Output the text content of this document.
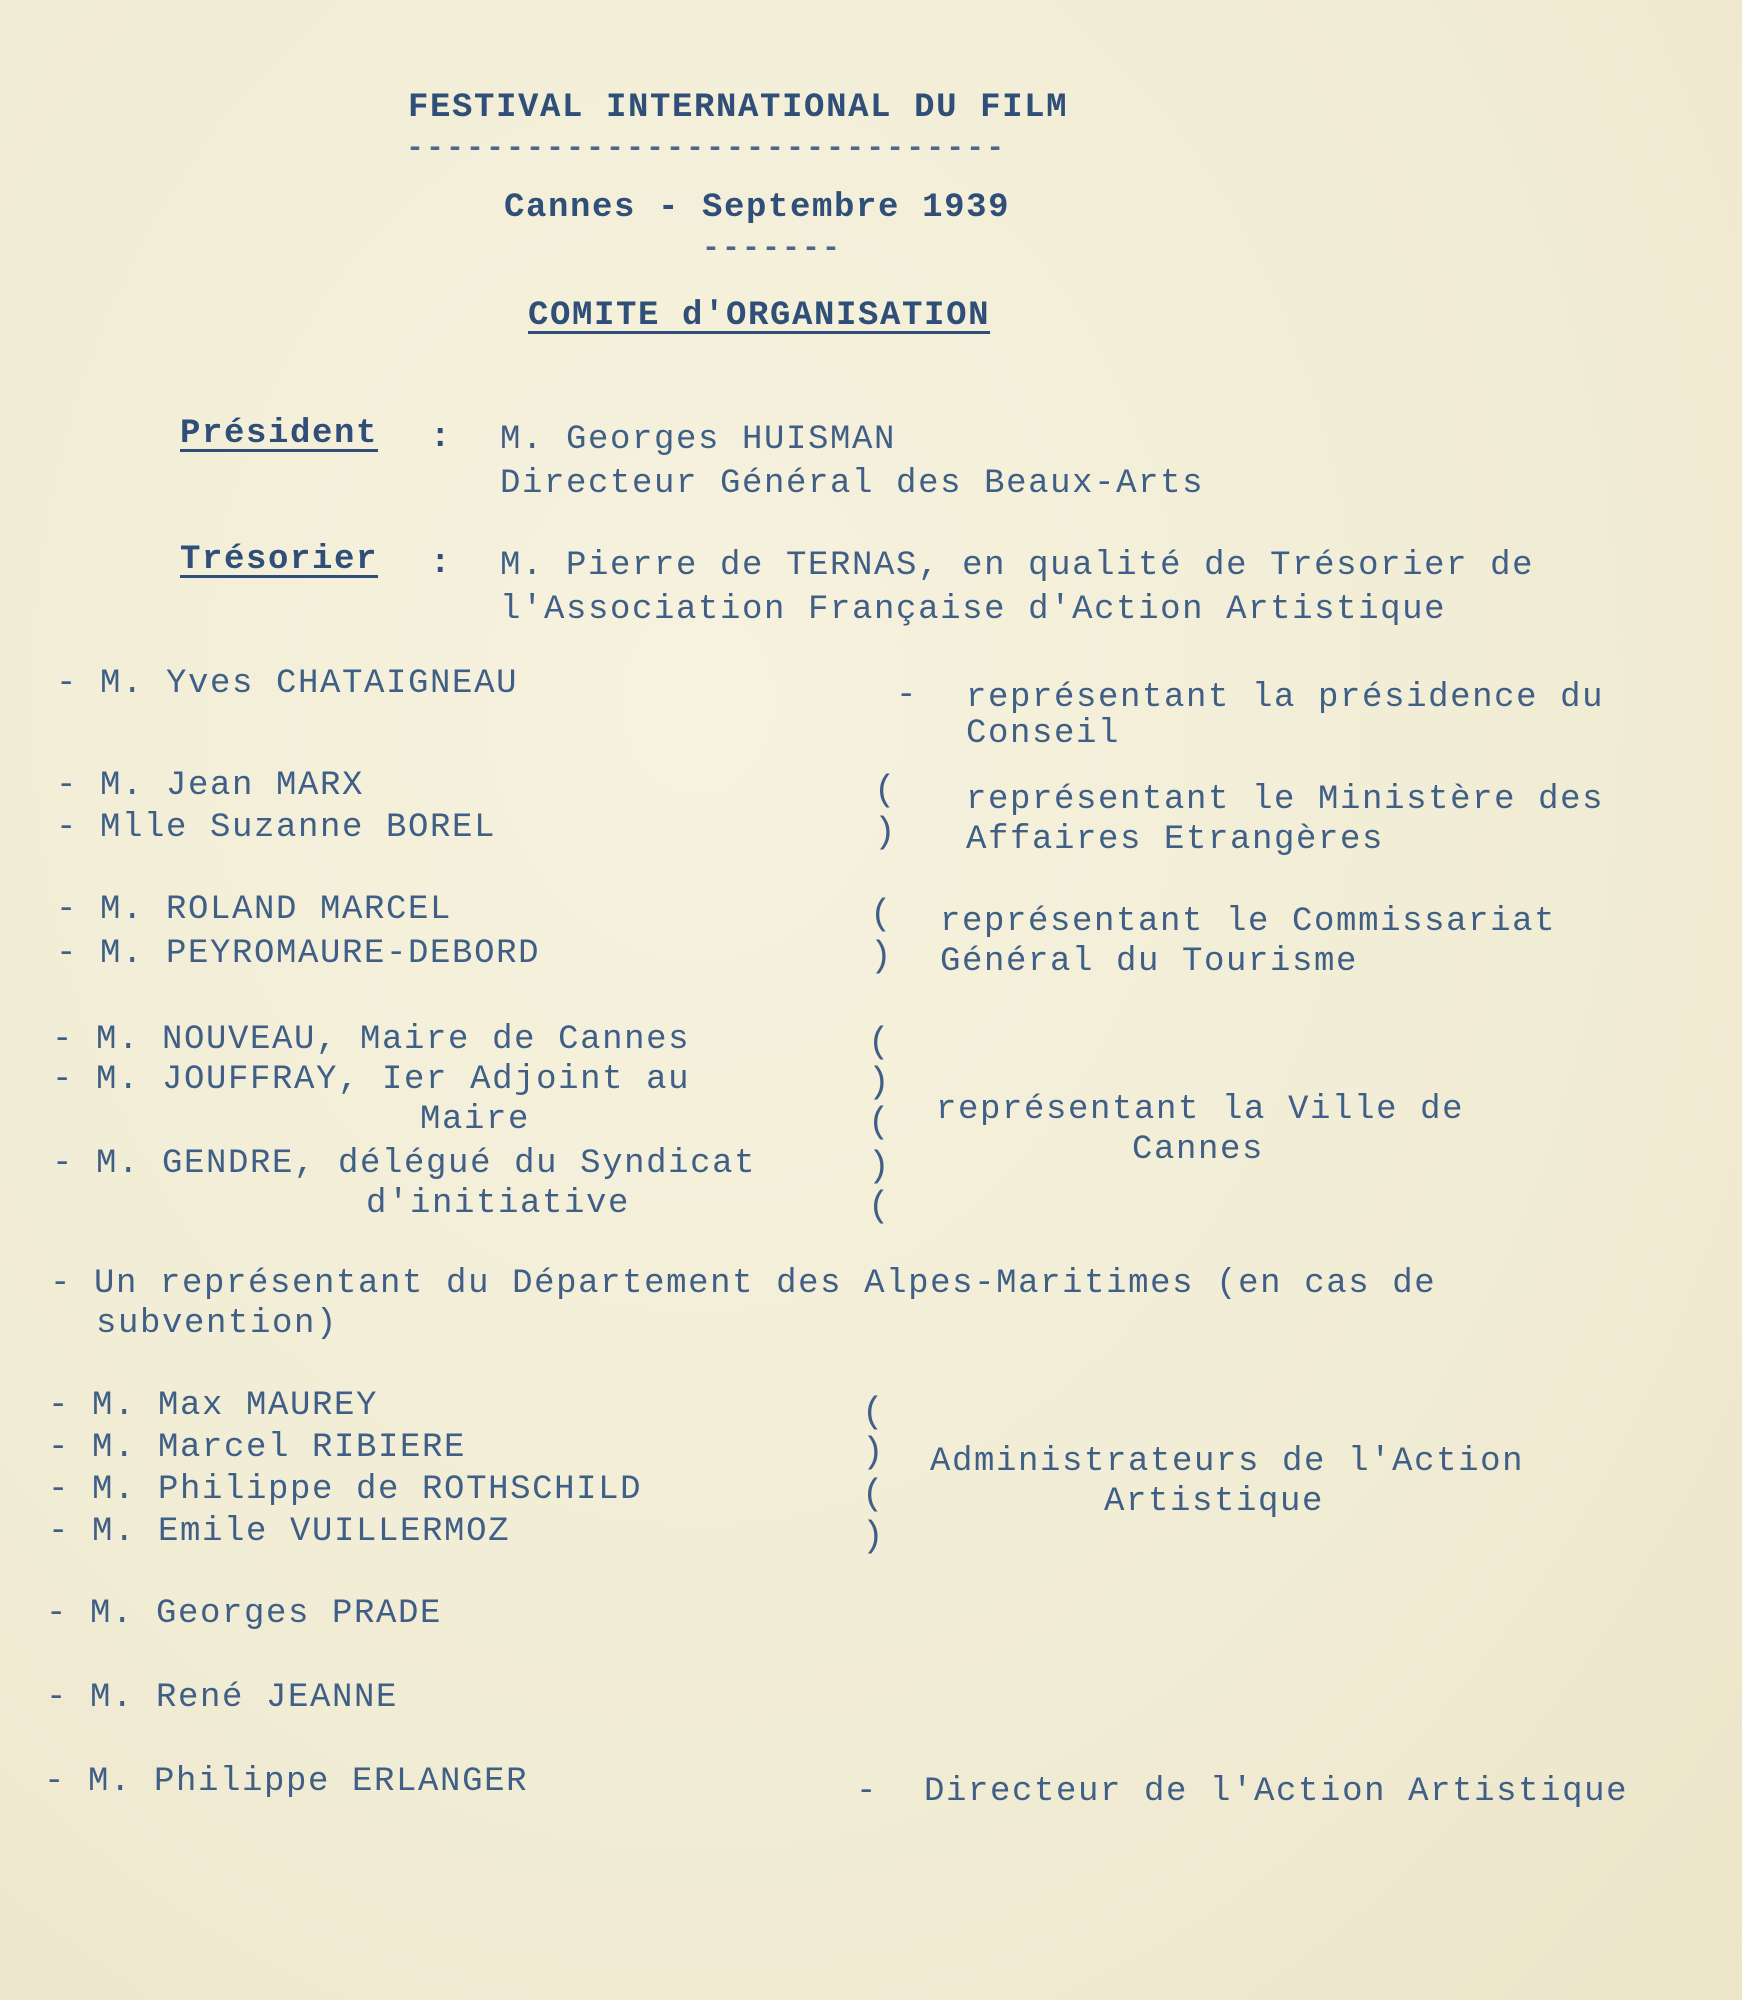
FESTIVAL INTERNATIONAL DU FILM
------------------------------
Cannes - Septembre 1939
-------
COMITE d'ORGANISATION
Président : M. Georges HUISMAN
Directeur Général des Beaux-Arts
Trésorier : M. Pierre de TERNAS, en qualité de Trésorier de
l'Association Française d'Action Artistique
- M. Yves CHATAIGNEAU	- représentant la présidence du
Conseil
- M. Jean MARX
- Mlle Suzanne BOREL
(
)
représentant le Ministère des
Affaires Etrangères
- M. ROLAND MARCEL
- M. PEYROMAURE-DEBORD
(
)
représentant le Commissariat
Général du Tourisme
- M. NOUVEAU, Maire de Cannes
- M. JOUFFRAY, Ier Adjoint au
Maire
- M. GENDRE, délégué du Syndicat
d'initiative
(
)
(
)
(
représentant la Ville de
Cannes
- Un représentant du Département des Alpes-Maritimes (en cas de
subvention)
- M. Max MAUREY
- M. Marcel RIBIERE
- M. Philippe de ROTHSCHILD
- M. Emile VUILLERMOZ
(
)
(
)
Administrateurs de l'Action
Artistique
- M. Georges PRADE
- M. René JEANNE
- M. Philippe ERLANGER	- Directeur de l'Action Artistique
